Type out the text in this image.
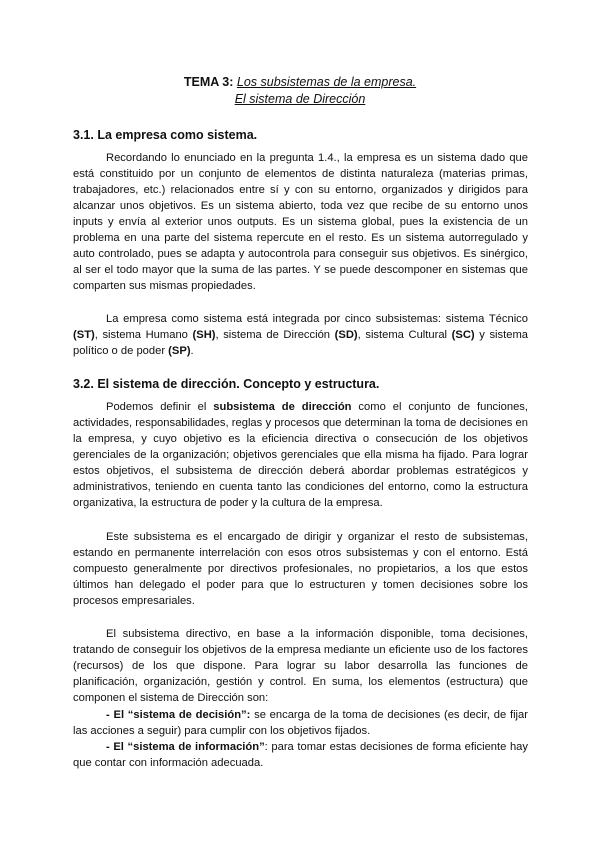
TEMA 3: Los subsistemas de la empresa.
El sistema de Dirección
3.1. La empresa como sistema.
Recordando lo enunciado en la pregunta 1.4., la empresa es un sistema dado que está constituido por un conjunto de elementos de distinta naturaleza (materias primas, trabajadores, etc.) relacionados entre sí y con su entorno, organizados y dirigidos para alcanzar unos objetivos. Es un sistema abierto, toda vez que recibe de su entorno unos inputs y envía al exterior unos outputs. Es un sistema global, pues la existencia de un problema en una parte del sistema repercute en el resto. Es un sistema autorregulado y auto controlado, pues se adapta y autocontrola para conseguir sus objetivos. Es sinérgico, al ser el todo mayor que la suma de las partes. Y se puede descomponer en sistemas que comparten sus mismas propiedades.
La empresa como sistema está integrada por cinco subsistemas: sistema Técnico (ST), sistema Humano (SH), sistema de Dirección (SD), sistema Cultural (SC) y sistema político o de poder (SP).
3.2. El sistema de dirección. Concepto y estructura.
Podemos definir el subsistema de dirección como el conjunto de funciones, actividades, responsabilidades, reglas y procesos que determinan la toma de decisiones en la empresa, y cuyo objetivo es la eficiencia directiva o consecución de los objetivos gerenciales de la organización; objetivos gerenciales que ella misma ha fijado. Para lograr estos objetivos, el subsistema de dirección deberá abordar problemas estratégicos y administrativos, teniendo en cuenta tanto las condiciones del entorno, como la estructura organizativa, la estructura de poder y la cultura de la empresa.
Este subsistema es el encargado de dirigir y organizar el resto de subsistemas, estando en permanente interrelación con esos otros subsistemas y con el entorno. Está compuesto generalmente por directivos profesionales, no propietarios, a los que estos últimos han delegado el poder para que lo estructuren y tomen decisiones sobre los procesos empresariales.
El subsistema directivo, en base a la información disponible, toma decisiones, tratando de conseguir los objetivos de la empresa mediante un eficiente uso de los factores (recursos) de los que dispone. Para lograr su labor desarrolla las funciones de planificación, organización, gestión y control. En suma, los elementos (estructura) que componen el sistema de Dirección son:
- El “sistema de decisión”: se encarga de la toma de decisiones (es decir, de fijar las acciones a seguir) para cumplir con los objetivos fijados.
- El “sistema de información”: para tomar estas decisiones de forma eficiente hay que contar con información adecuada.
